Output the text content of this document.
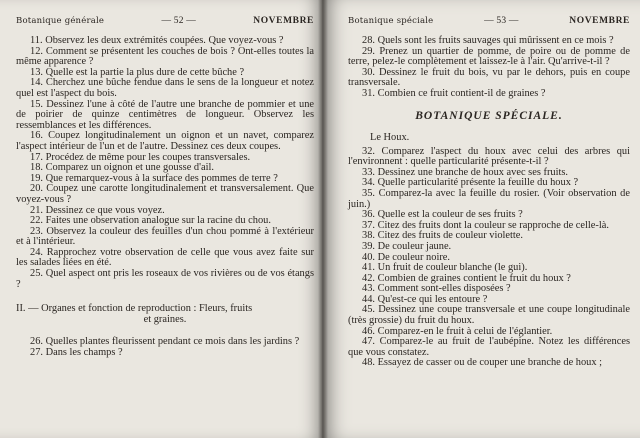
Botanique générale	— 52 —	NOVEMBRE

11. Observez les deux extrémités coupées. Que voyez-vous ?

12. Comment se présentent les couches de bois ? Ont-elles toutes la même apparence ?

13. Quelle est la partie la plus dure de cette bûche ?

14. Cherchez une bûche fendue dans le sens de la longueur et notez quel est l'aspect du bois.

15. Dessinez l'une à côté de l'autre une branche de pommier et une de poirier de quinze centimètres de longueur. Observez les ressemblances et les différences.

16. Coupez longitudinalement un oignon et un navet, comparez l'aspect intérieur de l'un et de l'autre. Dessinez ces deux coupes.

17. Procédez de même pour les coupes transversales.

18. Comparez un oignon et une gousse d'ail.

19. Que remarquez-vous à la surface des pommes de terre ?

20. Coupez une carotte longitudinalement et transversalement. Que voyez-vous ?

21. Dessinez ce que vous voyez.

22. Faites une observation analogue sur la racine du chou.

23. Observez la couleur des feuilles d'un chou pommé à l'extérieur et à l'intérieur.

24. Rapprochez votre observation de celle que vous avez faite sur les salades liées en été.

25. Quel aspect ont pris les roseaux de vos rivières ou de vos étangs ?

II. — Organes et fonction de reproduction : Fleurs, fruits
et graines.

26. Quelles plantes fleurissent pendant ce mois dans les jardins ?

27. Dans les champs ?

Botanique spéciale	— 53 —	NOVEMBRE

28. Quels sont les fruits sauvages qui mûrissent en ce mois ?

29. Prenez un quartier de pomme, de poire ou de pomme de terre, pelez-le complètement et laissez-le à l'air. Qu'arrive-t-il ?

30. Dessinez le fruit du bois, vu par le dehors, puis en coupe transversale.

31. Combien ce fruit contient-il de graines ?

BOTANIQUE SPÉCIALE.
Le Houx.

32. Comparez l'aspect du houx avec celui des arbres qui l'environnent : quelle particularité présente-t-il ?

33. Dessinez une branche de houx avec ses fruits.

34. Quelle particularité présente la feuille du houx ?

35. Comparez-la avec la feuille du rosier. (Voir observation de juin.)

36. Quelle est la couleur de ses fruits ?

37. Citez des fruits dont la couleur se rapproche de celle-là.

38. Citez des fruits de couleur violette.

39. De couleur jaune.

40. De couleur noire.

41. Un fruit de couleur blanche (le gui).

42. Combien de graines contient le fruit du houx ?

43. Comment sont-elles disposées ?

44. Qu'est-ce qui les entoure ?

45. Dessinez une coupe transversale et une coupe longitudinale (très grossie) du fruit du houx.

46. Comparez-en le fruit à celui de l'églantier.

47. Comparez-le au fruit de l'aubépine. Notez les différences que vous constatez.

48. Essayez de casser ou de couper une branche de houx ;
